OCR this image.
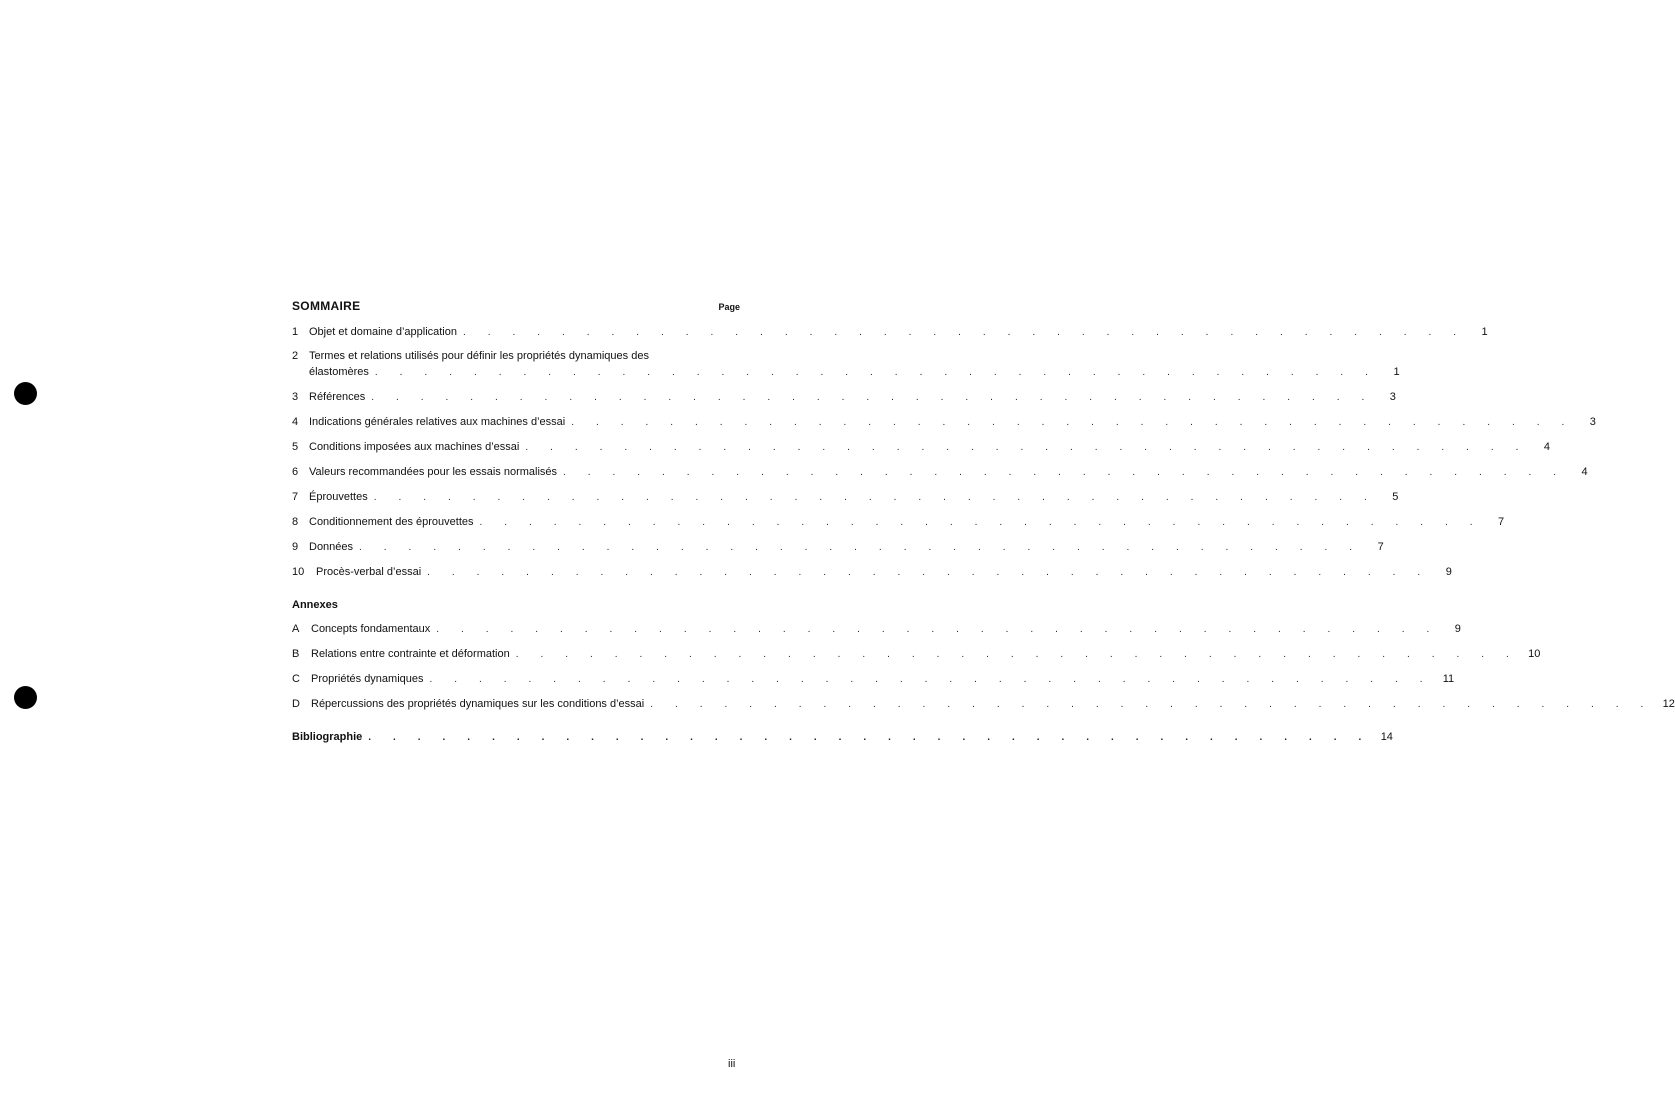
SOMMAIRE	Page
1 Objet et domaine d’application . . . . . . . . . . . . . . . . . . . . . . . . . . . . . . . . . . . . . . . . .	1
2 Termes et relations utilisés pour définir les propriétés dynamiques des
élastomères . . . . . . . . . . . . . . . . . . . . . . . . . . . . . . . . . . . . . . . . .	1
3 Références . . . . . . . . . . . . . . . . . . . . . . . . . . . . . . . . . . . . . . . . .	3
4 Indications générales relatives aux machines d’essai . . . . . . . . . . . . . . . . . . . . . . . . . . . . . . . . . . . . . . . . .	3
5 Conditions imposées aux machines d’essai . . . . . . . . . . . . . . . . . . . . . . . . . . . . . . . . . . . . . . . . .	4
6 Valeurs recommandées pour les essais normalisés . . . . . . . . . . . . . . . . . . . . . . . . . . . . . . . . . . . . . . . . .	4
7 Éprouvettes . . . . . . . . . . . . . . . . . . . . . . . . . . . . . . . . . . . . . . . . .	5
8 Conditionnement des éprouvettes . . . . . . . . . . . . . . . . . . . . . . . . . . . . . . . . . . . . . . . . .	7
9 Données . . . . . . . . . . . . . . . . . . . . . . . . . . . . . . . . . . . . . . . . .	7
10	Procès-verbal d’essai . . . . . . . . . . . . . . . . . . . . . . . . . . . . . . . . . . . . . . . . .	9
Annexes
A	Concepts fondamentaux . . . . . . . . . . . . . . . . . . . . . . . . . . . . . . . . . . . . . . . . .	9
B	Relations entre contrainte et déformation . . . . . . . . . . . . . . . . . . . . . . . . . . . . . . . . . . . . . . . . . 10
C	Propriétés dynamiques . . . . . . . . . . . . . . . . . . . . . . . . . . . . . . . . . . . . . . . . . 11
D	Répercussions des propriétés dynamiques sur les conditions d’essai . . . . . . . . . . . . . . . . . . . . . . . . . . . . . . . . . . . . . . . . . 12
Bibliographie . . . . . . . . . . . . . . . . . . . . . . . . . . . . . . . . . . . . . . . . . 14
iii
